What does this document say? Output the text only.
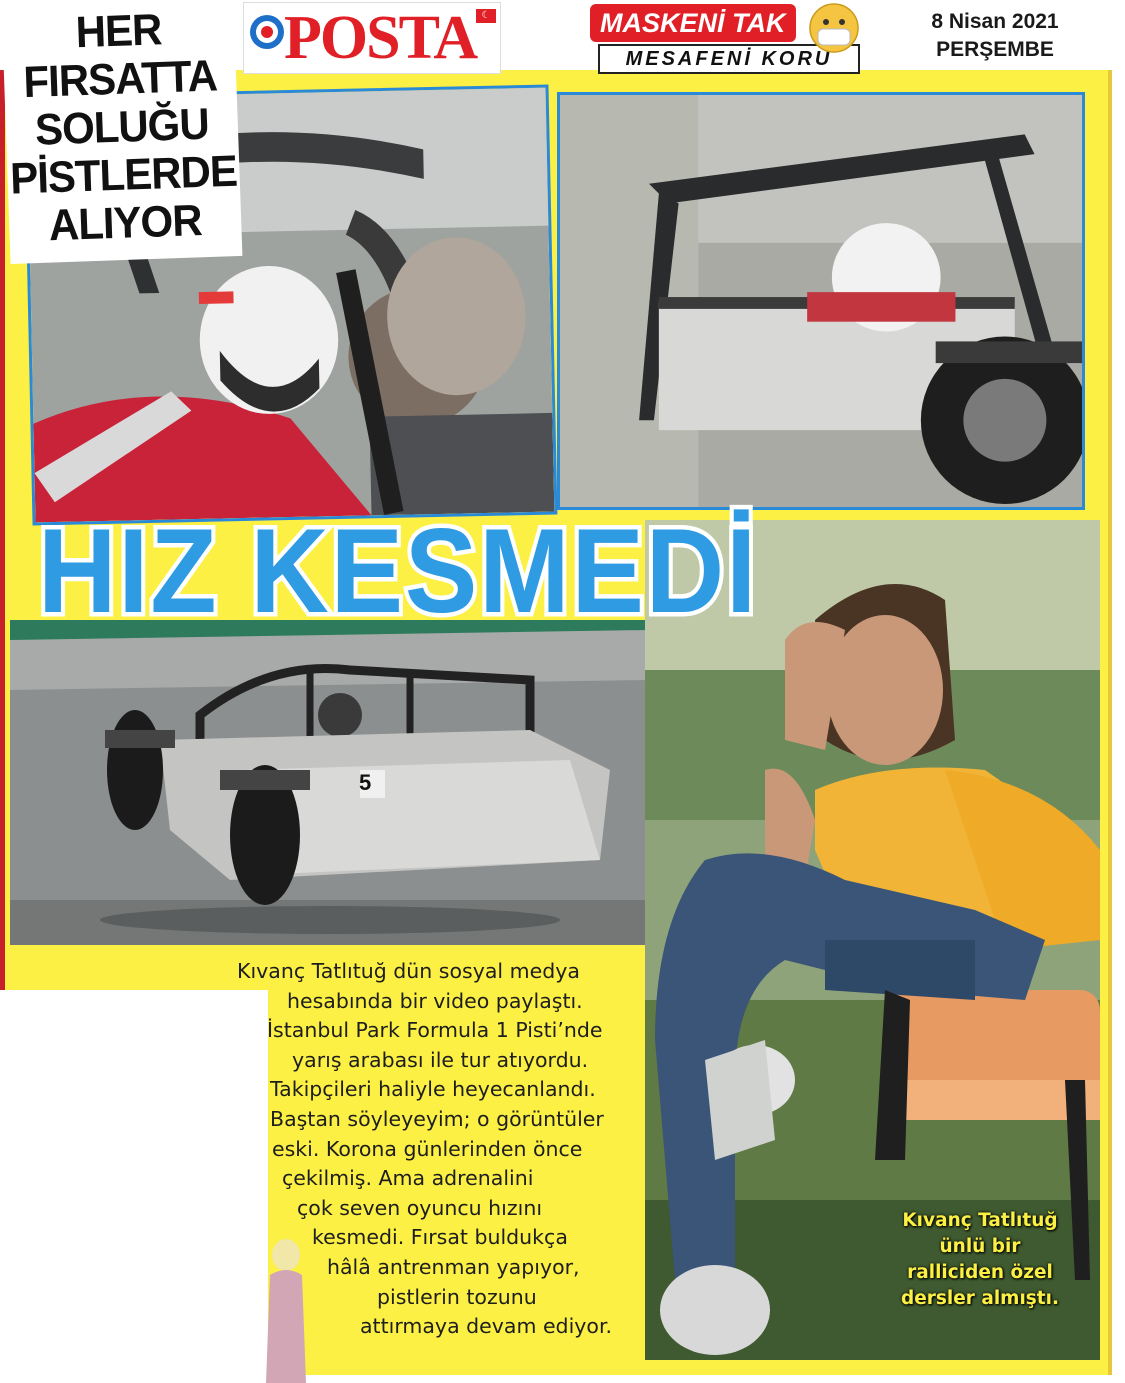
5
POSTA ☾	MASKENİ TAK
MESAFENİ KORU
8 Nisan 2021
PERŞEMBE
HER
FIRSATTA
SOLUĞU
PİSTLERDE
ALIYOR
HIZ KESMEDİ
Kıvanç Tatlıtuğ dün sosyal medya
hesabında bir video paylaştı.
İstanbul Park Formula 1 Pisti’nde
yarış arabası ile tur atıyordu.
Takipçileri haliyle heyecanlandı.
Baştan söyleyeyim; o görüntüler
eski. Korona günlerinden önce
çekilmiş. Ama adrenalini
çok seven oyuncu hızını
kesmedi. Fırsat buldukça
hâlâ antrenman yapıyor,
pistlerin tozunu
attırmaya devam ediyor.
Kıvanç Tatlıtuğ
ünlü bir
ralliciden özel
dersler almıştı.
